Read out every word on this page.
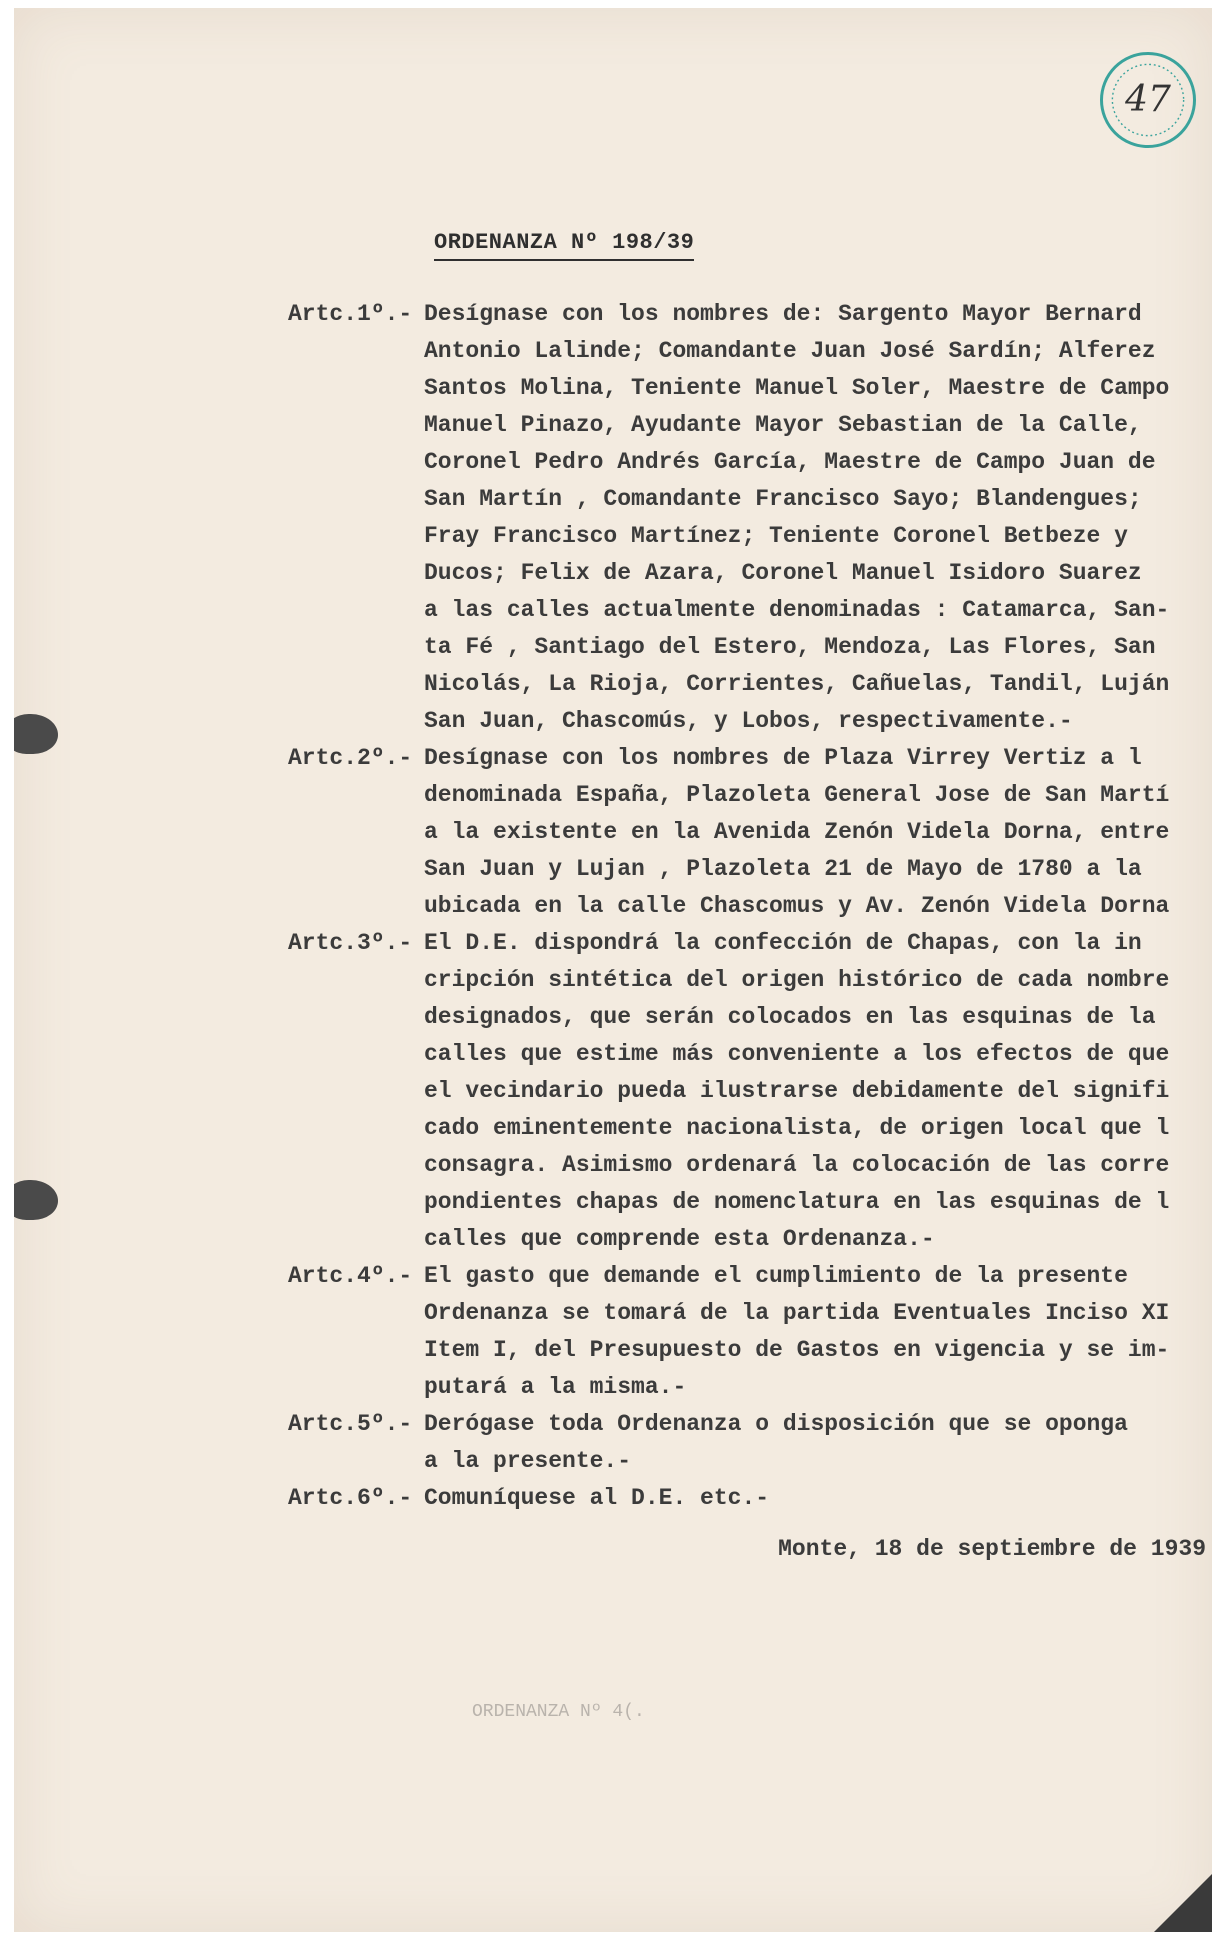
47
ORDENANZA Nº 198/39
Artc.1º.- Desígnase con los nombres de: Sargento Mayor Bernard
Antonio Lalinde; Comandante Juan José Sardín; Alferez
Santos Molina, Teniente Manuel Soler, Maestre de Campo
Manuel Pinazo, Ayudante Mayor Sebastian de la Calle,
Coronel Pedro Andrés García, Maestre de Campo Juan de
San Martín , Comandante Francisco Sayo; Blandengues;
Fray Francisco Martínez; Teniente Coronel Betbeze y
Ducos; Felix de Azara, Coronel Manuel Isidoro Suarez
a las calles actualmente denominadas : Catamarca, San-
ta Fé , Santiago del Estero, Mendoza, Las Flores, San
Nicolás, La Rioja, Corrientes, Cañuelas, Tandil, Luján
San Juan, Chascomús, y Lobos, respectivamente.-
Artc.2º.- Desígnase con los nombres de Plaza Virrey Vertiz a l
denominada España, Plazoleta General Jose de San Martí
a la existente en la Avenida Zenón Videla Dorna, entre
San Juan y Lujan , Plazoleta 21 de Mayo de 1780 a la
ubicada en la calle Chascomus y Av. Zenón Videla Dorna
Artc.3º.- El D.E. dispondrá la confección de Chapas, con la in
cripción sintética del origen histórico de cada nombre
designados, que serán colocados en las esquinas de la
calles que estime más conveniente a los efectos de que
el vecindario pueda ilustrarse debidamente del signifi
cado eminentemente nacionalista, de origen local que l
consagra. Asimismo ordenará la colocación de las corre
pondientes chapas de nomenclatura en las esquinas de l
calles que comprende esta Ordenanza.-
Artc.4º.- El gasto que demande el cumplimiento de la presente
Ordenanza se tomará de la partida Eventuales Inciso XI
Item I, del Presupuesto de Gastos en vigencia y se im-
putará a la misma.-
Artc.5º.- Derógase toda Ordenanza o disposición que se oponga
a la presente.-
Artc.6º.- Comuníquese al D.E. etc.-
Monte, 18 de septiembre de 1939
ORDENANZA Nº 4(.
